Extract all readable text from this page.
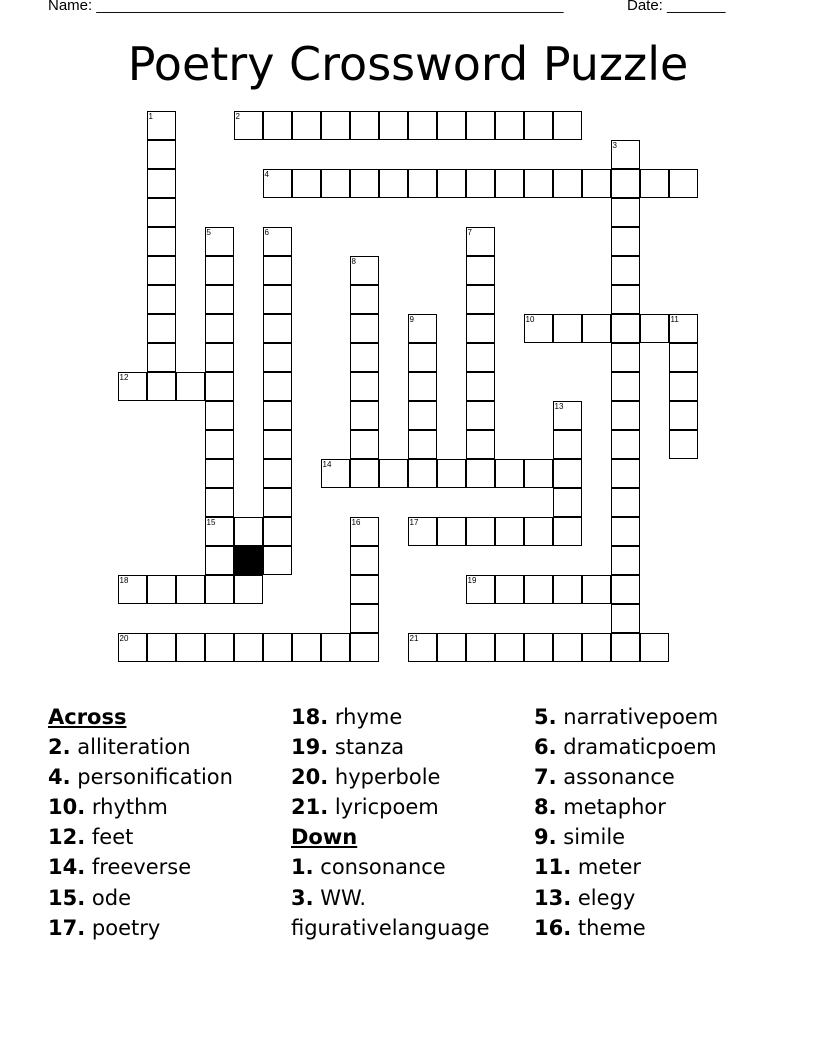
Name: ________________________________________________________	Date: _______
Poetry Crossword Puzzle
1	2
3
4
5
15
6	7
8
9	10	11
12
13
14
16	17
18	19
20	21
Across
2. alliteration
4. personification
10. rhythm
12. feet
14. freeverse
15. ode
17. poetry
18. rhyme
19. stanza
20. hyperbole
21. lyricpoem
Down
1. consonance
3. WW.
figurativelanguage
5. narrativepoem
6. dramaticpoem
7. assonance
8. metaphor
9. simile
11. meter
13. elegy
16. theme
